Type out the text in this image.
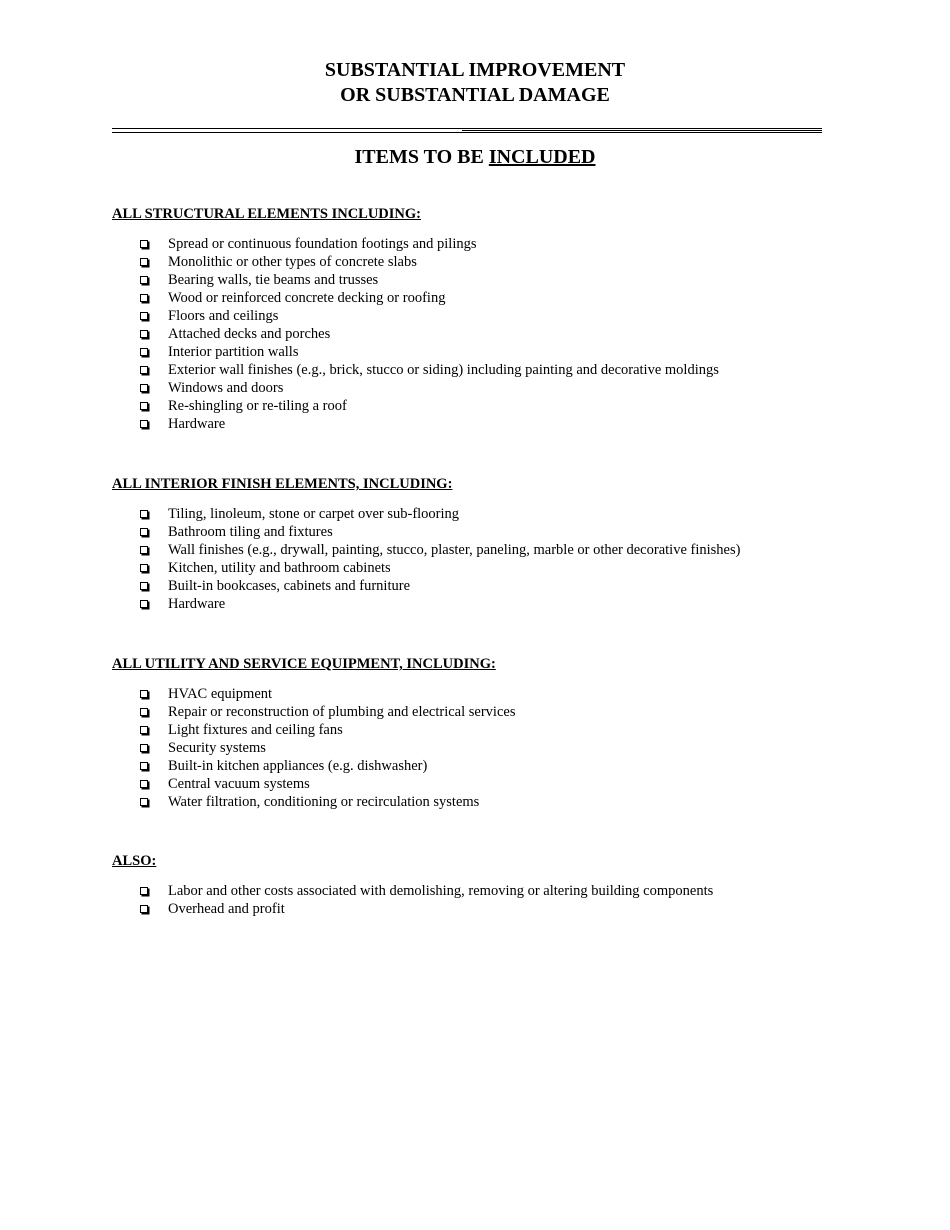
SUBSTANTIAL IMPROVEMENT
OR SUBSTANTIAL DAMAGE
ITEMS TO BE INCLUDED

ALL STRUCTURAL ELEMENTS INCLUDING:

Spread or continuous foundation footings and pilings
Monolithic or other types of concrete slabs
Bearing walls, tie beams and trusses
Wood or reinforced concrete decking or roofing
Floors and ceilings
Attached decks and porches
Interior partition walls
Exterior wall finishes (e.g., brick, stucco or siding) including painting and decorative moldings
Windows and doors
Re-shingling or re-tiling a roof
Hardware

ALL INTERIOR FINISH ELEMENTS, INCLUDING:

Tiling, linoleum, stone or carpet over sub-flooring
Bathroom tiling and fixtures
Wall finishes (e.g., drywall, painting, stucco, plaster, paneling, marble or other decorative finishes)
Kitchen, utility and bathroom cabinets
Built-in bookcases, cabinets and furniture
Hardware

ALL UTILITY AND SERVICE EQUIPMENT, INCLUDING:

HVAC equipment
Repair or reconstruction of plumbing and electrical services
Light fixtures and ceiling fans
Security systems
Built-in kitchen appliances (e.g. dishwasher)
Central vacuum systems
Water filtration, conditioning or recirculation systems

ALSO:

Labor and other costs associated with demolishing, removing or altering building components
Overhead and profit
